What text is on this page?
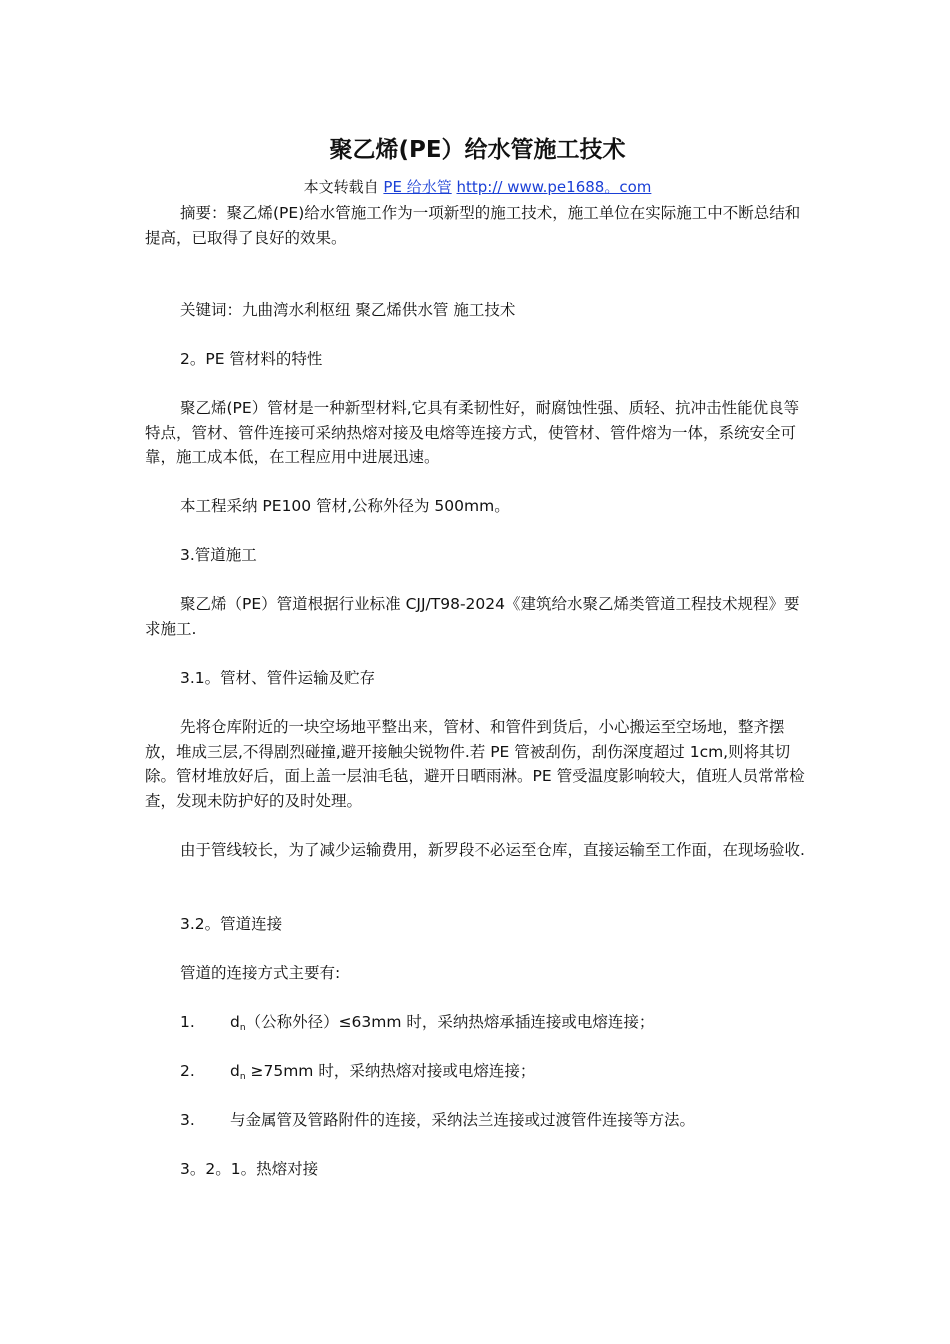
聚乙烯(PE）给水管施工技术
本文转载自 PE 给水管 http:// www.pe1688。com

摘要：聚乙烯(PE)给水管施工作为一项新型的施工技术，施工单位在实际施工中不断总结和提高，已取得了良好的效果。

关键词：九曲湾水利枢纽 聚乙烯供水管 施工技术

2。PE 管材料的特性

聚乙烯(PE）管材是一种新型材料,它具有柔韧性好，耐腐蚀性强、质轻、抗冲击性能优良等特点，管材、管件连接可采纳热熔对接及电熔等连接方式，使管材、管件熔为一体，系统安全可靠，施工成本低，在工程应用中进展迅速。

本工程采纳 PE100 管材,公称外径为 500mm。

3.管道施工

聚乙烯（PE）管道根据行业标准 CJJ/T98-2024《建筑给水聚乙烯类管道工程技术规程》要求施工.

3.1。管材、管件运输及贮存

先将仓库附近的一块空场地平整出来，管材、和管件到货后，小心搬运至空场地，整齐摆放，堆成三层,不得剧烈碰撞,避开接触尖锐物件.若 PE 管被刮伤，刮伤深度超过 1cm,则将其切除。管材堆放好后，面上盖一层油毛毡，避开日晒雨淋。PE 管受温度影响较大，值班人员常常检查，发现未防护好的及时处理。

由于管线较长，为了减少运输费用，新罗段不必运至仓库，直接运输至工作面，在现场验收.

3.2。管道连接

管道的连接方式主要有:

1. $d_n$（公称外径）≤63mm 时，采纳热熔承插连接或电熔连接；

2. $d_n \ge 75mm$ 时，采纳热熔对接或电熔连接；

3. 与金属管及管路附件的连接，采纳法兰连接或过渡管件连接等方法。

3。2。1。热熔对接
